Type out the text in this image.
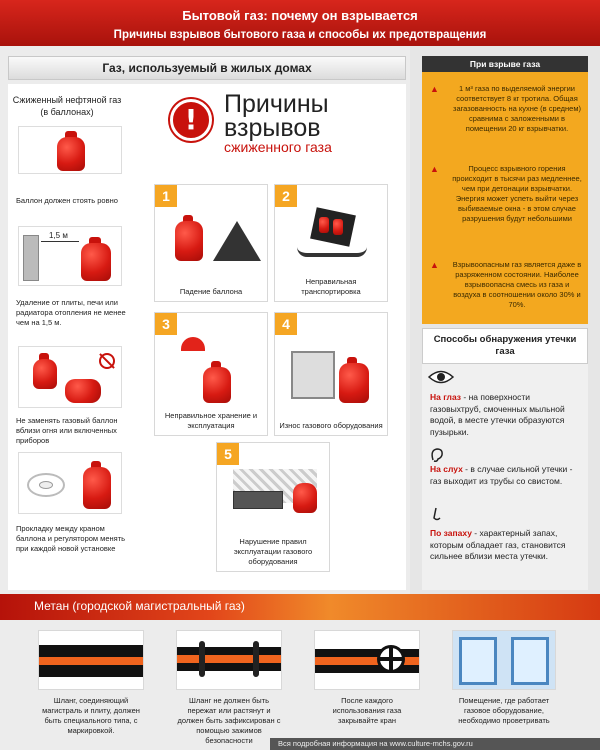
Бытовой газ: почему он взрывается
Причины взрывов бытового газа и способы их предотвращения
Газ, используемый в жилых домах
Сжиженный нефтяной газ (в баллонах)
Баллон должен стоять ровно
1,5 м
Удаление от плиты, печи или радиатора отопления не менее чем на 1,5 м.
Не заменять газовый баллон вблизи огня или включенных приборов
Прокладку между краном баллона и регулятором менять при каждой новой установке
!	Причины взрывов
сжиженного газа
1
Падение баллона
2
Неправильная транспортировка
3
Неправильное хранение и эксплуатация
4
Износ газового оборудования
5
Нарушение правил эксплуатации газового оборудования
При взрыве газа
▲	1 м³ газа по выделяемой энергии соответствует 8 кг тротила. Общая загазованность на кухне (в среднем) сравнима с заложенными в помещении 20 кг взрывчатки.
▲	Процесс взрывного горения происходит в тысячи раз медленнее, чем при детонации взрывчатки. Энергия может успеть выйти через выбиваемые окна - в этом случае разрушения будут небольшими
▲ Взрывоопасным газ является даже в разряженном состоянии. Наиболее взрывоопасна смесь из газа и воздуха в соотношении около 30% и 70%.
Способы обнаружения утечки газа
На глаз - на поверхности газовыхтруб, смоченных мыльной водой, в месте утечки образуются пузырьки.
На слух - в случае сильной утечки - газ выходит из трубы со свистом.
По запаху - характерный запах, которым обладает газ, становится сильнее вблизи места утечки.
Метан (городской магистральный газ)
Шланг, соединяющий магистраль и плиту, должен быть специального типа, с маркировкой.
Шланг не должен быть пережат или растянут и должен быть зафиксирован с помощью зажимов безопасности
После каждого использования газа закрывайте кран
Помещение, где работает газовое оборудование, необходимо проветривать
Вся подробная информация на www.culture-mchs.gov.ru
